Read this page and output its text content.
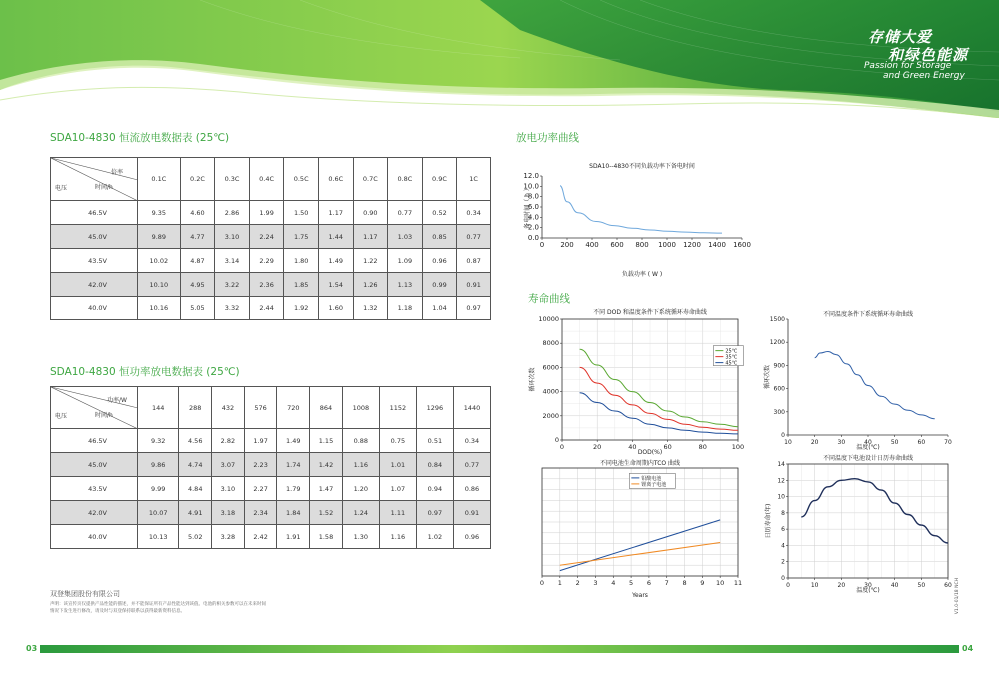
存储大爱
和绿色能源
Passion for Storage
and Green Energy
SDA10-4830 恒流放电数据表 (25℃)
倍率
时间/h
电压	0.1C	0.2C	0.3C	0.4C	0.5C	0.6C	0.7C	0.8C	0.9C	1C
46.5V	9.35	4.60	2.86	1.99	1.50	1.17	0.90	0.77	0.52	0.34
45.0V	9.89	4.77	3.10	2.24	1.75	1.44	1.17	1.03	0.85	0.77
43.5V	10.02	4.87	3.14	2.29	1.80	1.49	1.22	1.09	0.96	0.87
42.0V	10.10	4.95	3.22	2.36	1.85	1.54	1.26	1.13	0.99	0.91
40.0V	10.16	5.05	3.32	2.44	1.92	1.60	1.32	1.18	1.04	0.97
SDA10-4830 恒功率放电数据表 (25℃)
功率/W
时间/h
电压	144	288	432	576	720	864	1008	1152	1296	1440
46.5V	9.32	4.56	2.82	1.97	1.49	1.15	0.88	0.75	0.51	0.34
45.0V	9.86	4.74	3.07	2.23	1.74	1.42	1.16	1.01	0.84	0.77
43.5V	9.99	4.84	3.10	2.27	1.79	1.47	1.20	1.07	0.94	0.86
42.0V	10.07	4.91	3.18	2.34	1.84	1.52	1.24	1.11	0.97	0.91
40.0V	10.13	5.02	3.28	2.42	1.91	1.58	1.30	1.16	1.02	0.96
放电功率曲线
寿命曲线
SDA10--4830不同负载功率下备电时间
0 200 400 600 800 1000 1200 1400 1600
0.0
2.0
4.0
6.0
8.0
10.0
12.0
负载功率 ( W )
备电时间（ h ）
不同 DOD 和温度条件下系统循环寿命曲线
0	20	40	60	80	100
0
2000
4000
6000
8000
10000
DOD(%)
循环次数
25℃
35℃
45℃
不同温度条件下系统循环寿命曲线
10	20	30	40	50	60	70
0
300
600
900
1200
1500
温度(℃)
循环次数
不同电池生命周期内TCO 曲线
0 1 2 3 4 5 6 7 8 9 10 11
Years
铅酸电池
锂离子电池
不同温度下电池设计日历寿命曲线
0	10	20	30	40	50	60
0
2
4
6
8
10
12
14
温度(℃)
日历寿命(年)
双登集团股份有限公司
声明：该宣传页仅提供产品性能的描述，并不能保证所有产品性能达到该值。电池的相关参数可以在未来时间
情况下发生进行修改，请及时与双登保持联系以获得最新资料信息。	V1.0-01/18 NCH
03	04
